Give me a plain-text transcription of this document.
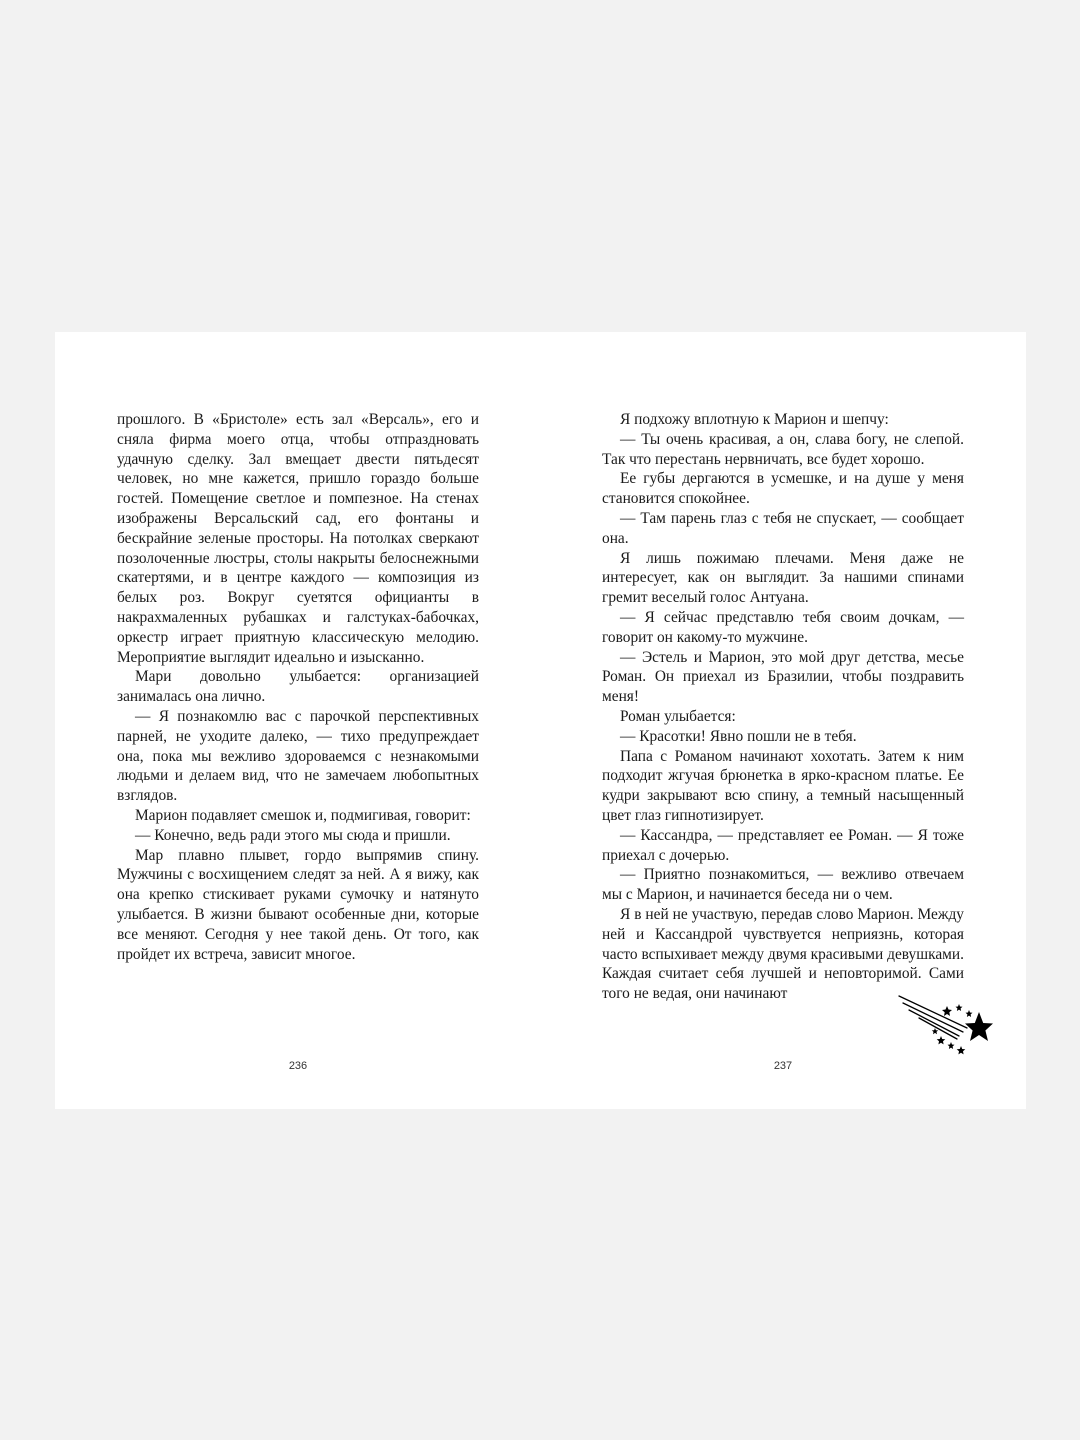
прошлого. В «Бристоле» есть зал «Версаль», его и сняла фирма моего отца, чтобы отпраздновать удачную сделку. Зал вмещает двести пятьдесят человек, но мне кажется, пришло гораздо больше гостей. Помещение светлое и помпезное. На стенах изображены Версальский сад, его фонтаны и бескрайние зеленые просторы. На потолках сверкают позолоченные люстры, столы накрыты белоснежными скатертями, и в центре каждого — композиция из белых роз. Вокруг суетятся официанты в накрахмаленных рубашках и галстуках-бабочках, оркестр играет приятную классическую мелодию. Мероприятие выглядит идеально и изысканно.

Мари довольно улыбается: организацией занималась она лично.

— Я познакомлю вас с парочкой перспективных парней, не уходите далеко, — тихо предупреждает она, пока мы вежливо здороваемся с незнакомыми людьми и делаем вид, что не замечаем любопытных взглядов.

Марион подавляет смешок и, подмигивая, говорит:

— Конечно, ведь ради этого мы сюда и пришли.

Мар плавно плывет, гордо выпрямив спину. Мужчины с восхищением следят за ней. А я вижу, как она крепко стискивает руками сумочку и натянуто улыбается. В жизни бывают особенные дни, которые все меняют. Сегодня у нее такой день. От того, как пройдет их встреча, зависит многое.

Я подхожу вплотную к Марион и шепчу:

— Ты очень красивая, а он, слава богу, не слепой. Так что перестань нервничать, все будет хорошо.

Ее губы дергаются в усмешке, и на душе у меня становится спокойнее.

— Там парень глаз с тебя не спускает, — сообщает она.

Я лишь пожимаю плечами. Меня даже не интересует, как он выглядит. За нашими спинами гремит веселый голос Антуана.

— Я сейчас представлю тебя своим дочкам, — говорит он какому-то мужчине.

— Эстель и Марион, это мой друг детства, месье Роман. Он приехал из Бразилии, чтобы поздравить меня!

Роман улыбается:

— Красотки! Явно пошли не в тебя.

Папа с Романом начинают хохотать. Затем к ним подходит жгучая брюнетка в ярко-красном платье. Ее кудри закрывают всю спину, а темный насыщенный цвет глаз гипнотизирует.

— Кассандра, — представляет ее Роман. — Я тоже приехал с дочерью.

— Приятно познакомиться, — вежливо отвечаем мы с Марион, и начинается беседа ни о чем.

Я в ней не участвую, передав слово Марион. Между ней и Кассандрой чувствуется неприязнь, которая часто вспыхивает между двумя красивыми девушками. Каждая считает себя лучшей и неповторимой. Сами того не ведая, они начинают

236	237
